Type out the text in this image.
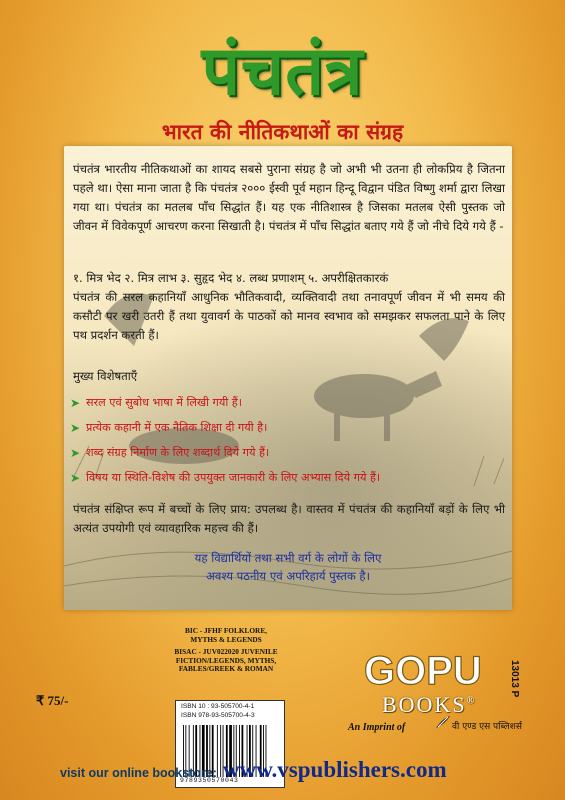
पंचतंत्र
भारत की नीतिकथाओं का संग्रह

पंचतंत्र भारतीय नीतिकथाओं का शायद सबसे पुराना संग्रह है जो अभी भी उतना ही लोकप्रिय है जितना पहले था। ऐसा माना जाता है कि पंचतंत्र २००० ईस्वी पूर्व महान हिन्दू विद्वान पंडित विष्णु शर्मा द्वारा लिखा गया था। पंचतंत्र का मतलब पाँच सिद्धांत हैं। यह एक नीतिशास्त्र है जिसका मतलब ऐसी पुस्तक जो जीवन में विवेकपूर्ण आचरण करना सिखाती है। पंचतंत्र में पाँच सिद्धांत बताए गये हैं जो नीचे दिये गये हैं -

१. मित्र भेद २. मित्र लाभ ३. सुहृद भेद ४. लब्ध प्रणाशम् ५. अपरीक्षितकारकं

पंचतंत्र की सरल कहानियाँ आधुनिक भौतिकवादी, व्यक्तिवादी तथा तनावपूर्ण जीवन में भी समय की कसौटी पर खरी उतरी हैं तथा युवावर्ग के पाठकों को मानव स्वभाव को समझकर सफलता पाने के लिए पथ प्रदर्शन करती हैं।

मुख्य विशेषताएँ
➤ सरल एवं सुबोध भाषा में लिखी गयी हैं।
➤ प्रत्येक कहानी में एक नैतिक शिक्षा दी गयी है।
➤ शब्द संग्रह निर्माण के लिए शब्दार्थ दिये गये हैं।
➤ विषय या स्थिति-विशेष की उपयुक्त जानकारी के लिए अभ्यास दिये गये हैं।

पंचतंत्र संक्षिप्त रूप में बच्चों के लिए प्राय: उपलब्ध है। वास्तव में पंचतंत्र की कहानियाँ बड़ों के लिए भी अत्यंत उपयोगी एवं व्यावहारिक महत्त्व की हैं।

यह विद्यार्थियों तथा सभी वर्ग के लोगों के लिए
अवश्य पठनीय एवं अपरिहार्य पुस्तक है।
BIC - JFHF FOLKLORE,
MYTHS & LEGENDS
BISAC - JUV022020 JUVENILE
FICTION/LEGENDS, MYTHS,
FABLES/GREEK & ROMAN
ISBN 10 : 93-505700-4-1
ISBN 978-93-505700-4-3
9789350570043
₹ 75/-
GOPU
BOOKS®
An Imprint of	वी एण्ड एस पब्लिशर्स
13013 P
visit our online bookstore: www.vspublishers.com
